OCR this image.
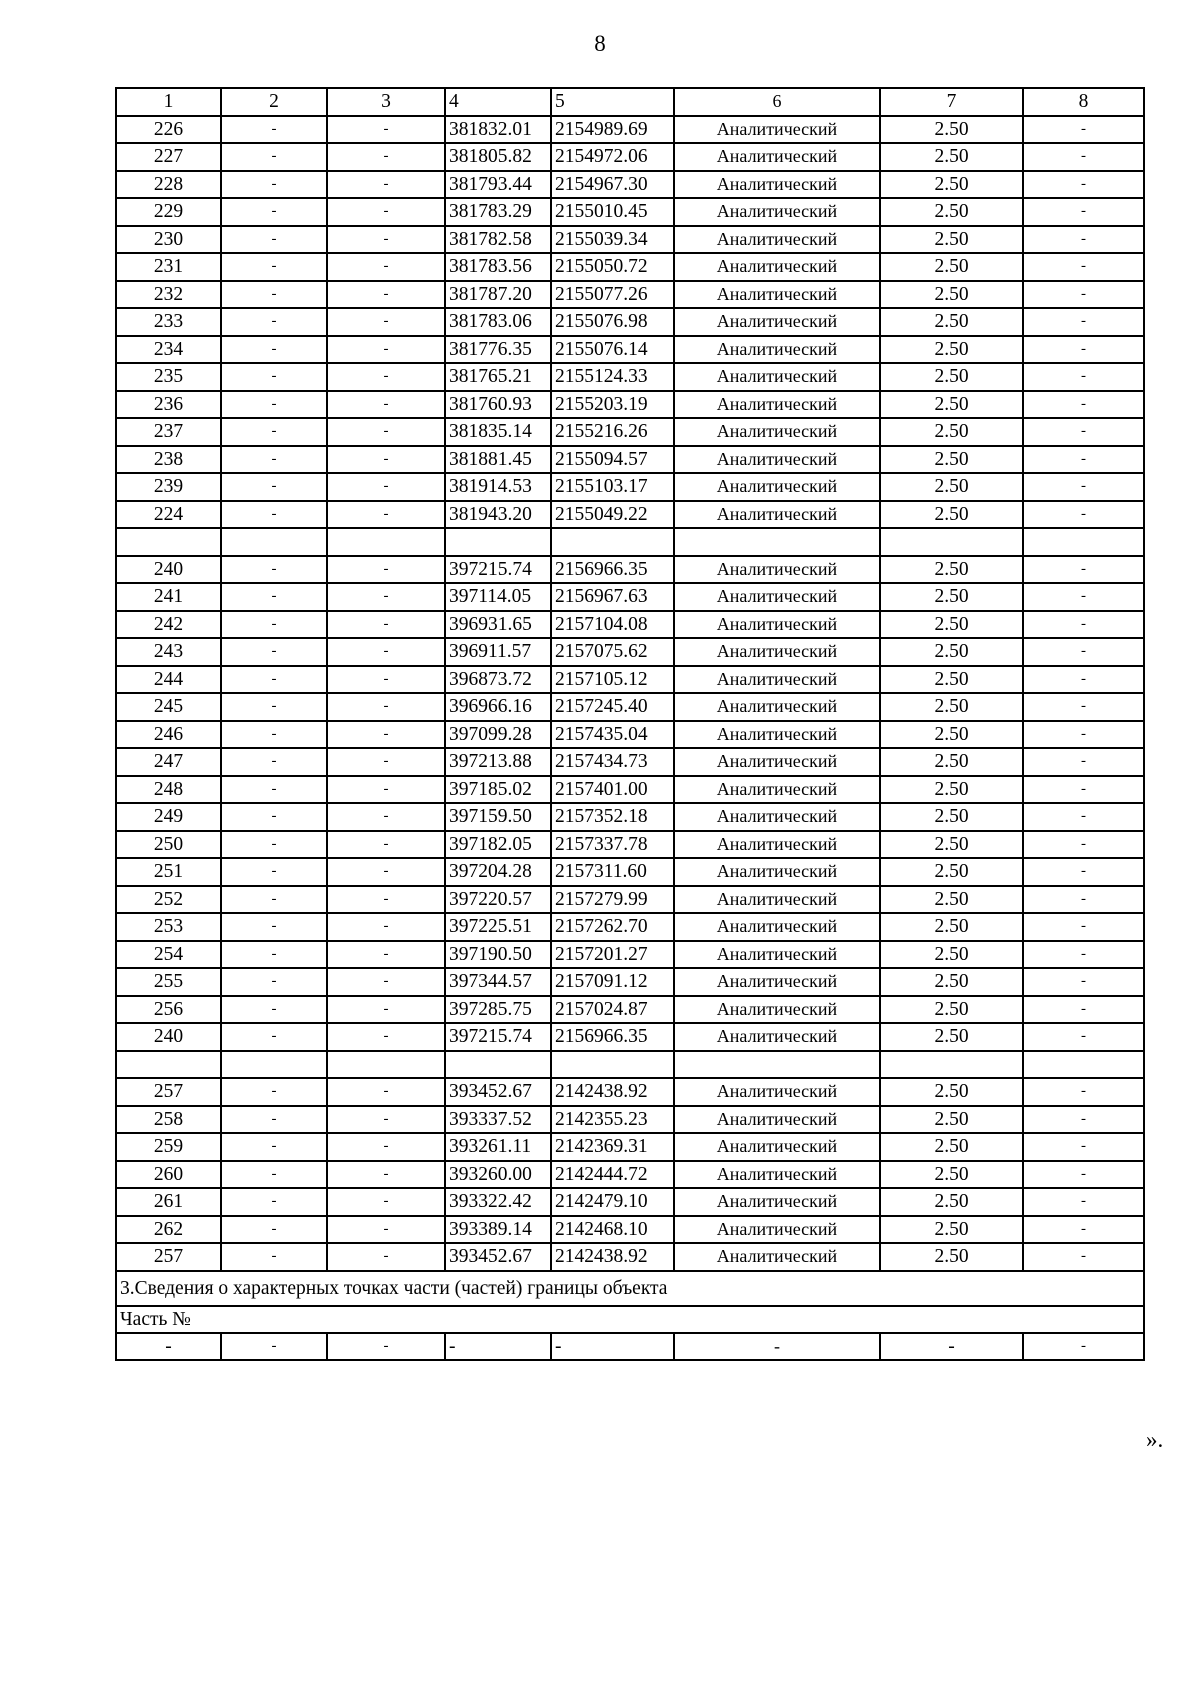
8
1	2	3	4	5	6	7	8
226	-	-	381832.01	2154989.69	Аналитический	2.50	-
227	-	-	381805.82	2154972.06	Аналитический	2.50	-
228	-	-	381793.44	2154967.30	Аналитический	2.50	-
229	-	-	381783.29	2155010.45	Аналитический	2.50	-
230	-	-	381782.58	2155039.34	Аналитический	2.50	-
231	-	-	381783.56	2155050.72	Аналитический	2.50	-
232	-	-	381787.20	2155077.26	Аналитический	2.50	-
233	-	-	381783.06	2155076.98	Аналитический	2.50	-
234	-	-	381776.35	2155076.14	Аналитический	2.50	-
235	-	-	381765.21	2155124.33	Аналитический	2.50	-
236	-	-	381760.93	2155203.19	Аналитический	2.50	-
237	-	-	381835.14	2155216.26	Аналитический	2.50	-
238	-	-	381881.45	2155094.57	Аналитический	2.50	-
239	-	-	381914.53	2155103.17	Аналитический	2.50	-
224	-	-	381943.20	2155049.22	Аналитический	2.50	-

240	-	-	397215.74	2156966.35	Аналитический	2.50	-
241	-	-	397114.05	2156967.63	Аналитический	2.50	-
242	-	-	396931.65	2157104.08	Аналитический	2.50	-
243	-	-	396911.57	2157075.62	Аналитический	2.50	-
244	-	-	396873.72	2157105.12	Аналитический	2.50	-
245	-	-	396966.16	2157245.40	Аналитический	2.50	-
246	-	-	397099.28	2157435.04	Аналитический	2.50	-
247	-	-	397213.88	2157434.73	Аналитический	2.50	-
248	-	-	397185.02	2157401.00	Аналитический	2.50	-
249	-	-	397159.50	2157352.18	Аналитический	2.50	-
250	-	-	397182.05	2157337.78	Аналитический	2.50	-
251	-	-	397204.28	2157311.60	Аналитический	2.50	-
252	-	-	397220.57	2157279.99	Аналитический	2.50	-
253	-	-	397225.51	2157262.70	Аналитический	2.50	-
254	-	-	397190.50	2157201.27	Аналитический	2.50	-
255	-	-	397344.57	2157091.12	Аналитический	2.50	-
256	-	-	397285.75	2157024.87	Аналитический	2.50	-
240	-	-	397215.74	2156966.35	Аналитический	2.50	-

257	-	-	393452.67	2142438.92	Аналитический	2.50	-
258	-	-	393337.52	2142355.23	Аналитический	2.50	-
259	-	-	393261.11	2142369.31	Аналитический	2.50	-
260	-	-	393260.00	2142444.72	Аналитический	2.50	-
261	-	-	393322.42	2142479.10	Аналитический	2.50	-
262	-	-	393389.14	2142468.10	Аналитический	2.50	-
257	-	-	393452.67	2142438.92	Аналитический	2.50	-
3.Сведения о характерных точках части (частей) границы объекта							
Часть №							
-	-	-	-	-	-	-	-
».
